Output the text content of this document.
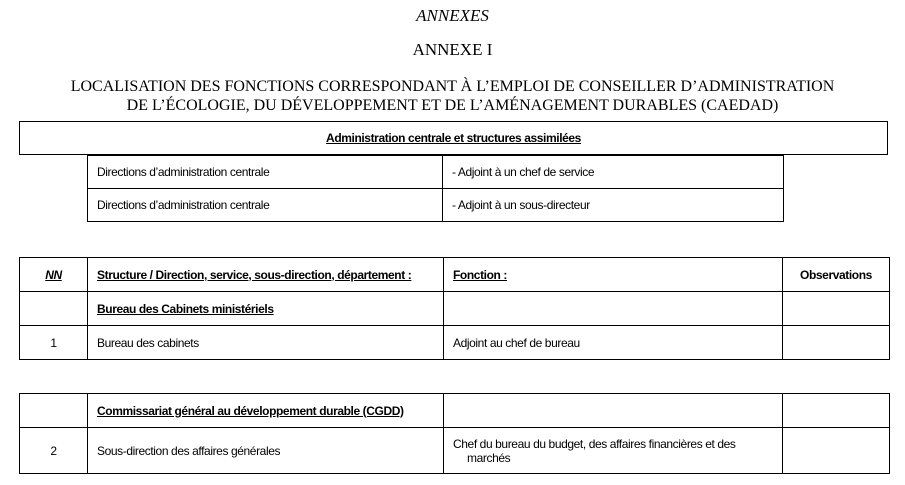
ANNEXES

ANNEXE I

LOCALISATION DES FONCTIONS CORRESPONDANT À L’EMPLOI DE CONSEILLER D’ADMINISTRATION
DE L’ÉCOLOGIE, DU DÉVELOPPEMENT ET DE L’AMÉNAGEMENT DURABLES (CAEDAD)

Administration centrale et structures assimilées
Directions d’administration centrale	- Adjoint à un chef de service
Directions d’administration centrale	- Adjoint à un sous-directeur
NN	Structure / Direction, service, sous-direction, département :	Fonction :	Observations
	Bureau des Cabinets ministériels		
1	Bureau des cabinets	Adjoint au chef de bureau	
	Commissariat général au développement durable (CGDD)		
2	Sous-direction des affaires générales	Chef du bureau du budget, des affaires financières et des
marchés	
